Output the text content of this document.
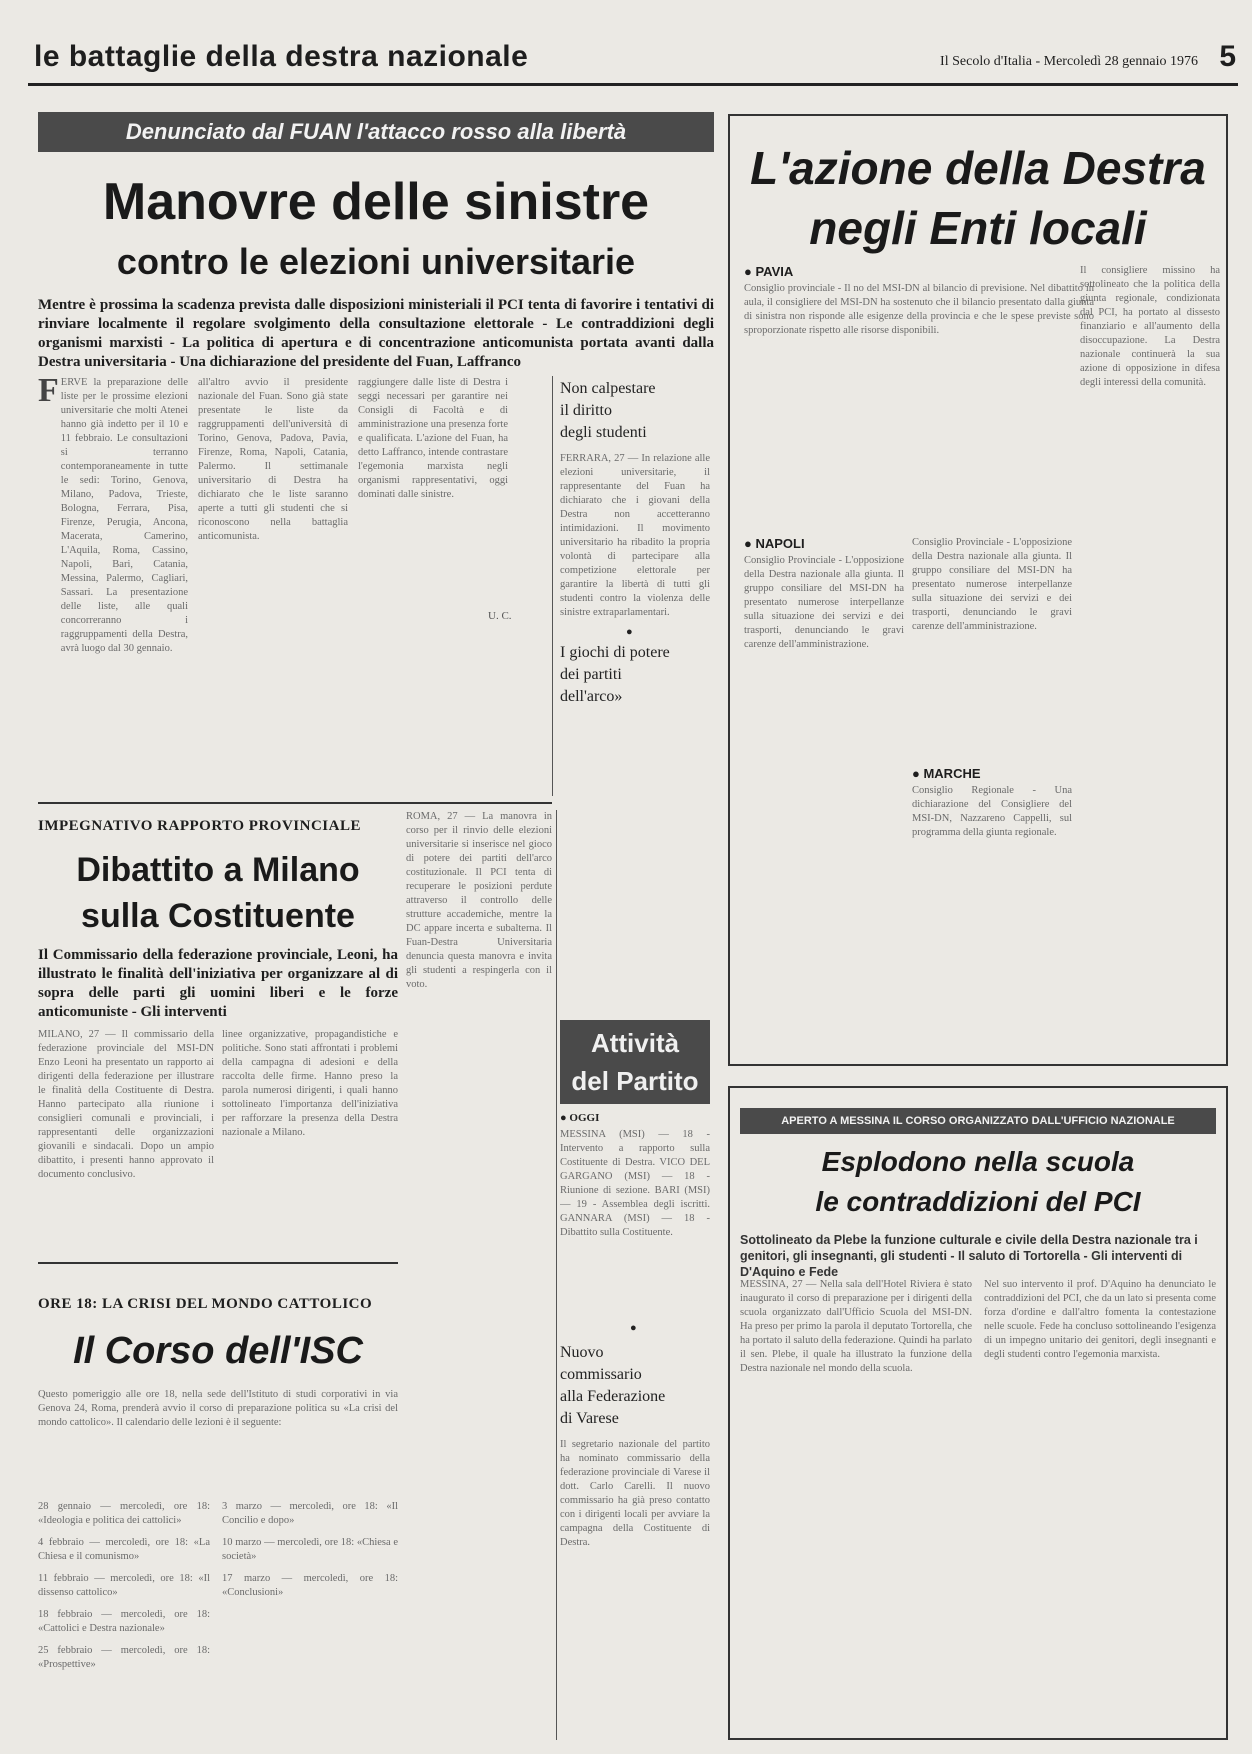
le battaglie della destra nazionale	Il Secolo d'Italia - Mercoledì 28 gennaio 1976 5
Denunciato dal FUAN l'attacco rosso alla libertà
Manovre delle sinistre
contro le elezioni universitarie
Mentre è prossima la scadenza prevista dalle disposizioni ministeriali il PCI tenta di favorire i tentativi di rinviare localmente il regolare svolgimento della consultazione elettorale - Le contraddizioni degli organismi marxisti - La politica di apertura e di concentrazione anticomunista portata avanti dalla Destra universitaria - Una dichiarazione del presidente del Fuan, Laffranco
F ERVE la preparazione delle liste per le prossime elezioni universitarie che molti Atenei hanno già indetto per il 10 e 11 febbraio. Le consultazioni si terranno contemporaneamente in tutte le sedi: Torino, Genova, Milano, Padova, Trieste, Bologna, Ferrara, Pisa, Firenze, Perugia, Ancona, Macerata, Camerino, L'Aquila, Roma, Cassino, Napoli, Bari, Catania, Messina, Palermo, Cagliari, Sassari. La presentazione delle liste, alle quali concorreranno i raggruppamenti della Destra, avrà luogo dal 30 gennaio.
all'altro avvio il presidente nazionale del Fuan. Sono già state presentate le liste da raggruppamenti dell'università di Torino, Genova, Padova, Pavia, Firenze, Roma, Napoli, Catania, Palermo. Il settimanale universitario di Destra ha dichiarato che le liste saranno aperte a tutti gli studenti che si riconoscono nella battaglia anticomunista.
raggiungere dalle liste di Destra i seggi necessari per garantire nei Consigli di Facoltà e di amministrazione una presenza forte e qualificata. L'azione del Fuan, ha detto Laffranco, intende contrastare l'egemonia marxista negli organismi rappresentativi, oggi dominati dalle sinistre.
U. C.
Non calpestare
il diritto
degli studenti
FERRARA, 27 — In relazione alle elezioni universitarie, il rappresentante del Fuan ha dichiarato che i giovani della Destra non accetteranno intimidazioni. Il movimento universitario ha ribadito la propria volontà di partecipare alla competizione elettorale per garantire la libertà di tutti gli studenti contro la violenza delle sinistre extraparlamentari.
●
I giochi di potere
dei partiti
dell'arco»
IMPEGNATIVO RAPPORTO PROVINCIALE
Dibattito a Milano
sulla Costituente
Il Commissario della federazione provinciale, Leoni, ha illustrato le finalità dell'iniziativa per organizzare al di sopra delle parti gli uomini liberi e le forze anticomuniste - Gli interventi
MILANO, 27 — Il commissario della federazione provinciale del MSI-DN Enzo Leoni ha presentato un rapporto ai dirigenti della federazione per illustrare le finalità della Costituente di Destra. Hanno partecipato alla riunione i consiglieri comunali e provinciali, i rappresentanti delle organizzazioni giovanili e sindacali. Dopo un ampio dibattito, i presenti hanno approvato il documento conclusivo.
linee organizzative, propagandistiche e politiche. Sono stati affrontati i problemi della campagna di adesioni e della raccolta delle firme. Hanno preso la parola numerosi dirigenti, i quali hanno sottolineato l'importanza dell'iniziativa per rafforzare la presenza della Destra nazionale a Milano.
ROMA, 27 — La manovra in corso per il rinvio delle elezioni universitarie si inserisce nel gioco di potere dei partiti dell'arco costituzionale. Il PCI tenta di recuperare le posizioni perdute attraverso il controllo delle strutture accademiche, mentre la DC appare incerta e subalterna. Il Fuan-Destra Universitaria denuncia questa manovra e invita gli studenti a respingerla con il voto.
ORE 18: LA CRISI DEL MONDO CATTOLICO
Il Corso dell'ISC
Questo pomeriggio alle ore 18, nella sede dell'Istituto di studi corporativi in via Genova 24, Roma, prenderà avvio il corso di preparazione politica su «La crisi del mondo cattolico». Il calendario delle lezioni è il seguente:
28 gennaio — mercoledì, ore 18: «Ideologia e politica dei cattolici»
4 febbraio — mercoledì, ore 18: «La Chiesa e il comunismo»
11 febbraio — mercoledì, ore 18: «Il dissenso cattolico»
18 febbraio — mercoledì, ore 18: «Cattolici e Destra nazionale»
25 febbraio — mercoledì, ore 18: «Prospettive»
3 marzo — mercoledì, ore 18: «Il Concilio e dopo»
10 marzo — mercoledì, ore 18: «Chiesa e società»
17 marzo — mercoledì, ore 18: «Conclusioni»
Attività
del Partito
● OGGI
MESSINA (MSI) — 18 - Intervento a rapporto sulla Costituente di Destra. VICO DEL GARGANO (MSI) — 18 - Riunione di sezione. BARI (MSI) — 19 - Assemblea degli iscritti. GANNARA (MSI) — 18 - Dibattito sulla Costituente.
●
Nuovo
commissario
alla Federazione
di Varese
Il segretario nazionale del partito ha nominato commissario della federazione provinciale di Varese il dott. Carlo Carelli. Il nuovo commissario ha già preso contatto con i dirigenti locali per avviare la campagna della Costituente di Destra.
L'azione della Destra
negli Enti locali
● PAVIA
Consiglio provinciale - Il no del MSI-DN al bilancio di previsione. Nel dibattito in aula, il consigliere del MSI-DN ha sostenuto che il bilancio presentato dalla giunta di sinistra non risponde alle esigenze della provincia e che le spese previste sono sproporzionate rispetto alle risorse disponibili.
● NAPOLI
Consiglio Provinciale - L'opposizione della Destra nazionale alla giunta. Il gruppo consiliare del MSI-DN ha presentato numerose interpellanze sulla situazione dei servizi e dei trasporti, denunciando le gravi carenze dell'amministrazione.
Consiglio Provinciale - L'opposizione della Destra nazionale alla giunta. Il gruppo consiliare del MSI-DN ha presentato numerose interpellanze sulla situazione dei servizi e dei trasporti, denunciando le gravi carenze dell'amministrazione.
● MARCHE
Consiglio Regionale - Una dichiarazione del Consigliere del MSI-DN, Nazzareno Cappelli, sul programma della giunta regionale.
Il consigliere missino ha sottolineato che la politica della giunta regionale, condizionata dal PCI, ha portato al dissesto finanziario e all'aumento della disoccupazione. La Destra nazionale continuerà la sua azione di opposizione in difesa degli interessi della comunità.
APERTO A MESSINA IL CORSO ORGANIZZATO DALL'UFFICIO NAZIONALE
Esplodono nella scuola
le contraddizioni del PCI
Sottolineato da Plebe la funzione culturale e civile della Destra nazionale tra i genitori, gli insegnanti, gli studenti - Il saluto di Tortorella - Gli interventi di D'Aquino e Fede
MESSINA, 27 — Nella sala dell'Hotel Riviera è stato inaugurato il corso di preparazione per i dirigenti della scuola organizzato dall'Ufficio Scuola del MSI-DN. Ha preso per primo la parola il deputato Tortorella, che ha portato il saluto della federazione. Quindi ha parlato il sen. Plebe, il quale ha illustrato la funzione della Destra nazionale nel mondo della scuola.
Nel suo intervento il prof. D'Aquino ha denunciato le contraddizioni del PCI, che da un lato si presenta come forza d'ordine e dall'altro fomenta la contestazione nelle scuole. Fede ha concluso sottolineando l'esigenza di un impegno unitario dei genitori, degli insegnanti e degli studenti contro l'egemonia marxista.
